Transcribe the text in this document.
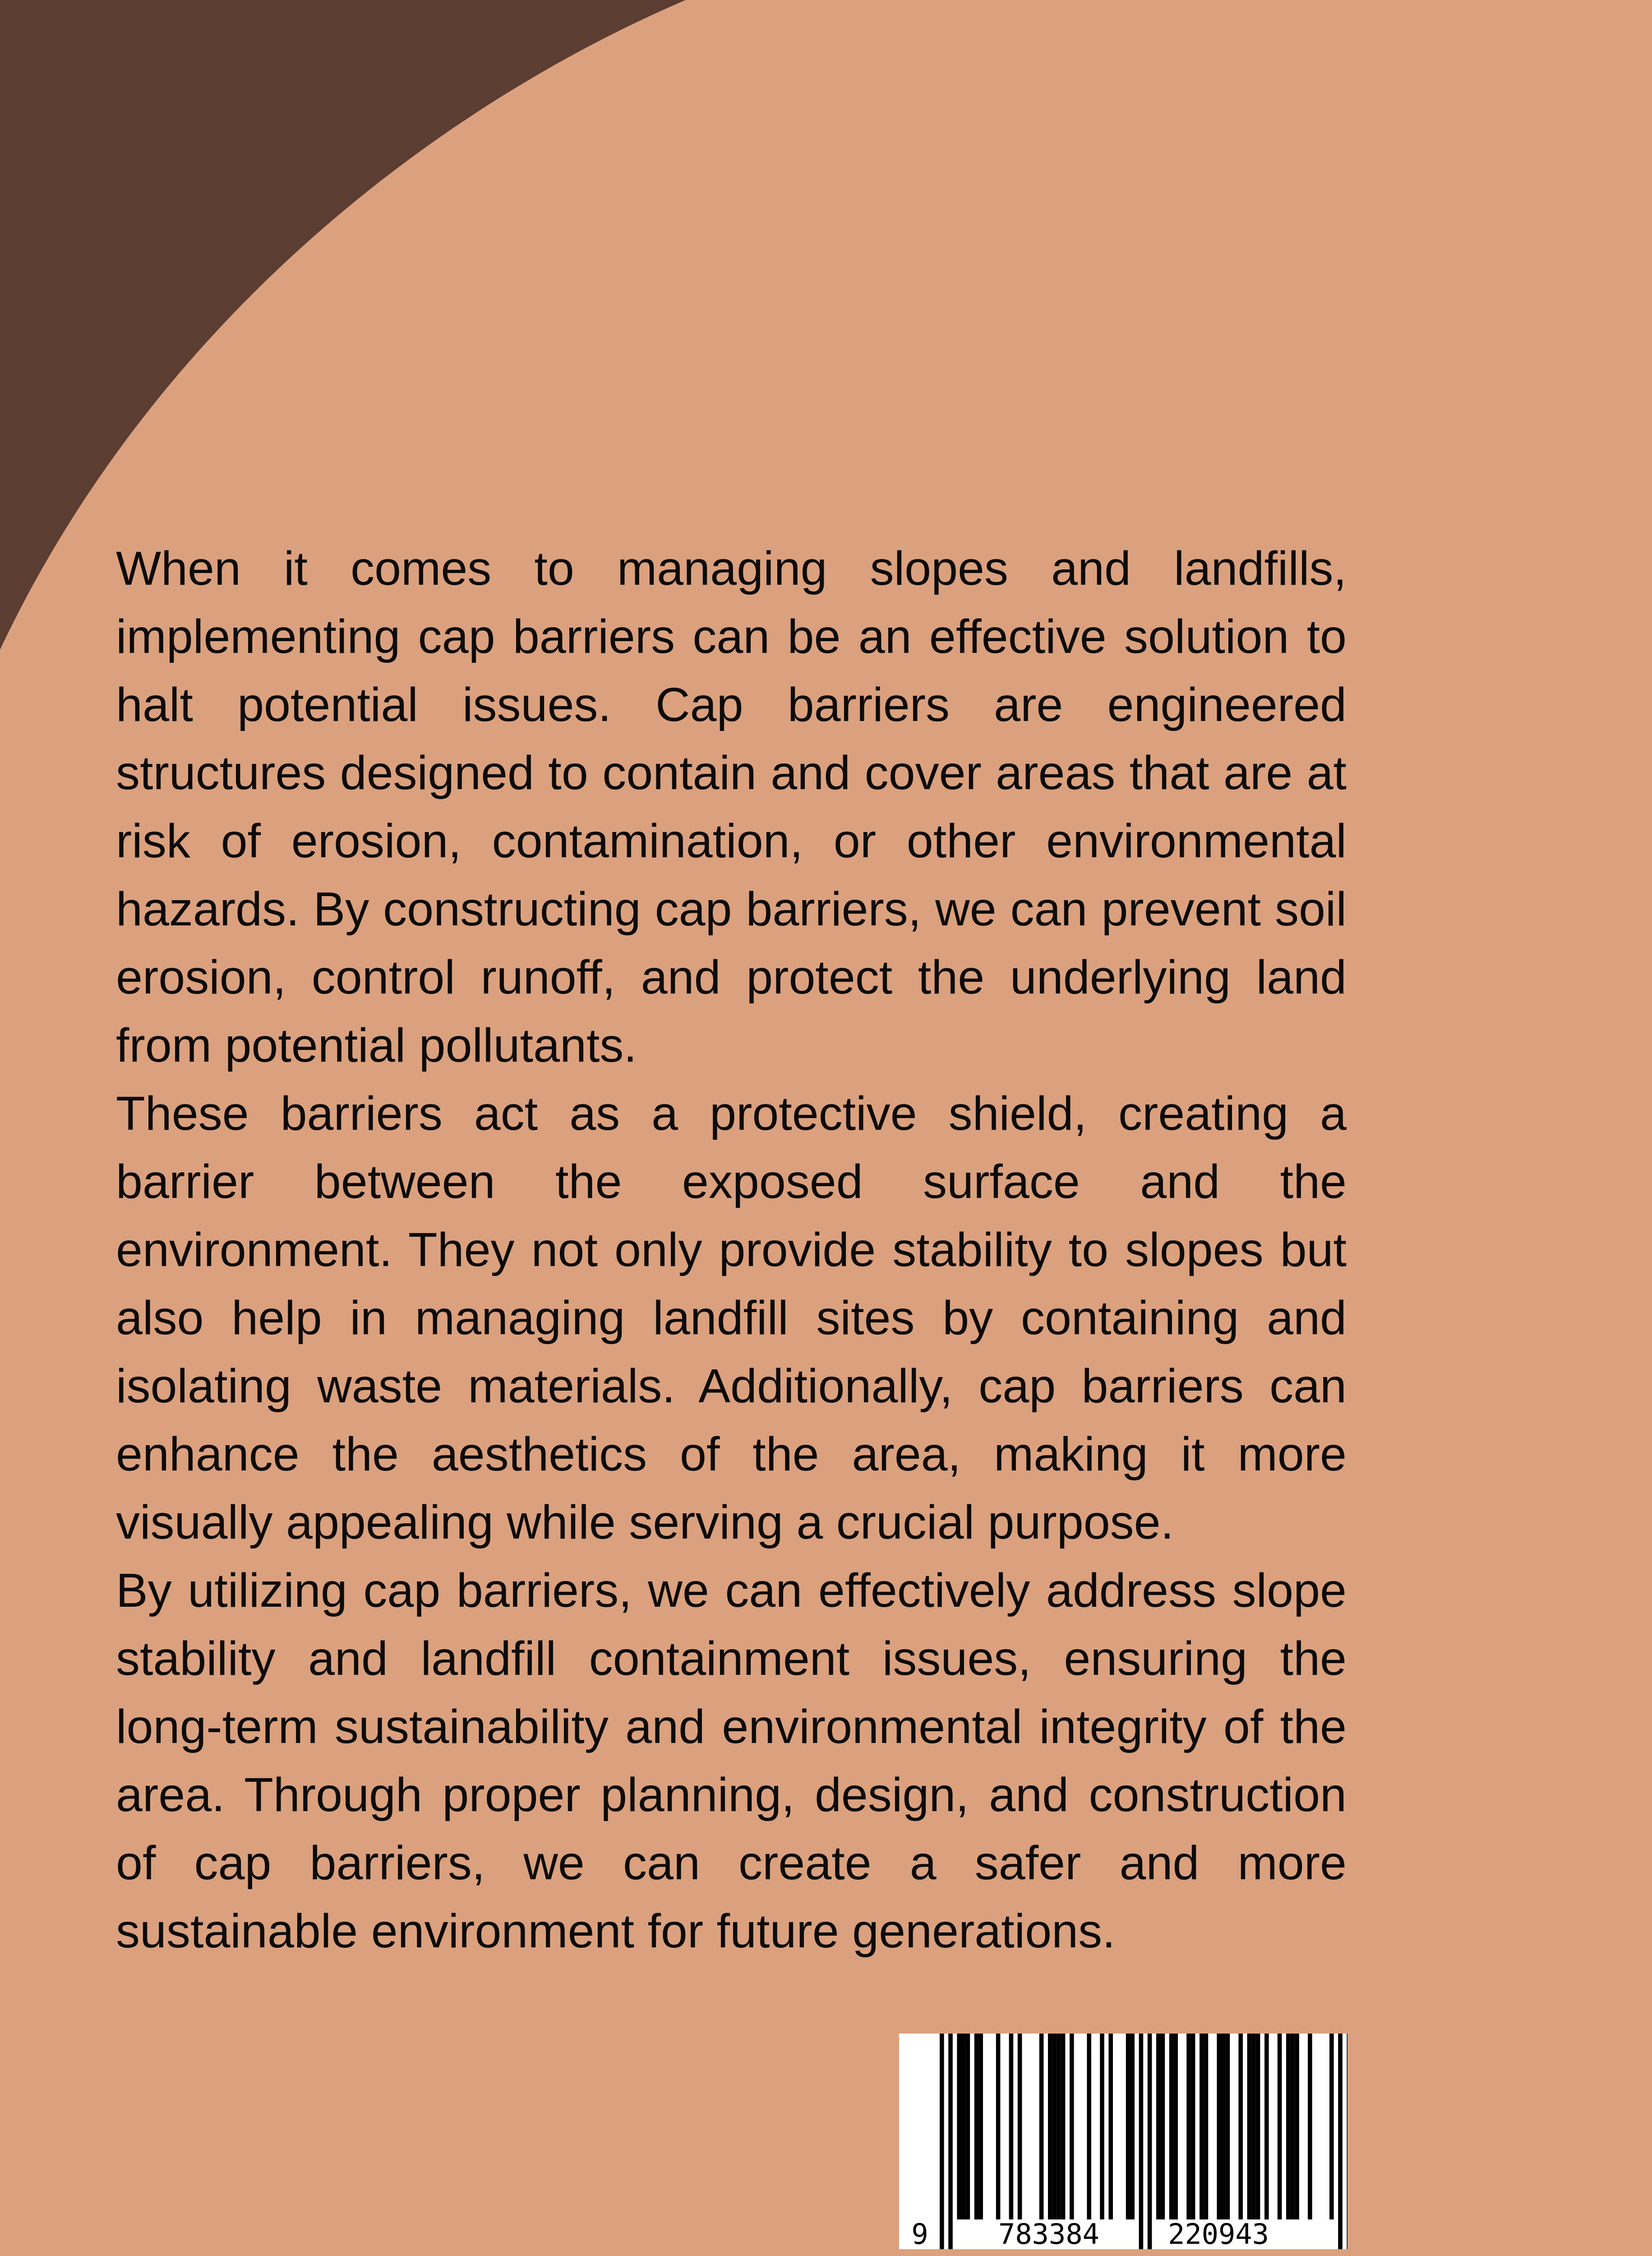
When it comes to managing slopes and landfills, implementing cap barriers can be an effective solution to halt potential issues. Cap barriers are engineered structures designed to contain and cover areas that are at risk of erosion, contamination, or other environmental hazards. By constructing cap barriers, we can prevent soil erosion, control runoff, and protect the underlying land from potential pollutants.

These barriers act as a protective shield, creating a barrier between the exposed surface and the environment. They not only provide stability to slopes but also help in managing landfill sites by containing and isolating waste materials. Additionally, cap barriers can enhance the aesthetics of the area, making it more visually appealing while serving a crucial purpose.

By utilizing cap barriers, we can effectively address slope stability and landfill containment issues, ensuring the long-term sustainability and environmental integrity of the area. Through proper planning, design, and construction of cap barriers, we can create a safer and more sustainable environment for future generations.

9	783384 220943
